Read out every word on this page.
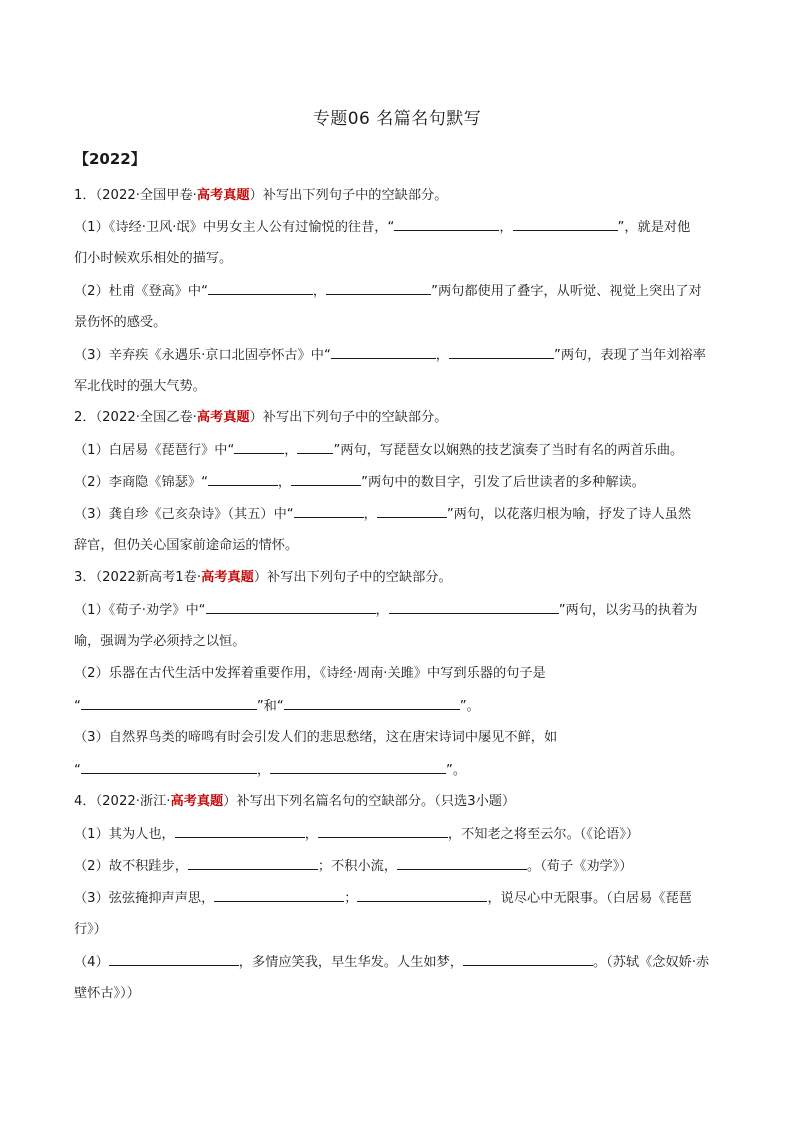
专题06 名篇名句默写
【2022】
1．（2022·全国甲卷·高考真题）补写出下列句子中的空缺部分。
（1）《诗经·卫风·氓》中男女主人公有过愉悦的往昔，“	，	”，就是对他
们小时候欢乐相处的描写。
（2）杜甫《登高》中“	，	”两句都使用了叠字，从听觉、视觉上突出了对
景伤怀的感受。
（3）辛弃疾《永遇乐·京口北固亭怀古》中“	，	”两句，表现了当年刘裕率
军北伐时的强大气势。
2．（2022·全国乙卷·高考真题）补写出下列句子中的空缺部分。
（1）白居易《琵琶行》中“	，	”两句，写琵琶女以娴熟的技艺演奏了当时有名的两首乐曲。
（2）李商隐《锦瑟》“	，	”两句中的数目字，引发了后世读者的多种解读。
（3）龚自珍《己亥杂诗》（其五）中“	，	”两句，以花落归根为喻，抒发了诗人虽然
辞官，但仍关心国家前途命运的情怀。
3．（2022新高考1卷·高考真题）补写出下列句子中的空缺部分。
（1）《荀子·劝学》中“	，	”两句，以劣马的执着为
喻，强调为学必须持之以恒。
（2）乐器在古代生活中发挥着重要作用，《诗经·周南·关雎》中写到乐器的句子是
“	”和“	”。
（3）自然界鸟类的啼鸣有时会引发人们的悲思愁绪，这在唐宋诗词中屡见不鲜，如
“	，	”。
4．（2022·浙江·高考真题）补写出下列名篇名句的空缺部分。（只选3小题）
（1）其为人也，	，	，不知老之将至云尔。（《论语》）
（2）故不积跬步，	；不积小流，	。（荀子《劝学》）
（3）弦弦掩抑声声思，	；	，说尽心中无限事。（白居易《琵琶
行》）
（4）	，多情应笑我，早生华发。人生如梦，	。（苏轼《念奴娇·赤
壁怀古》））
